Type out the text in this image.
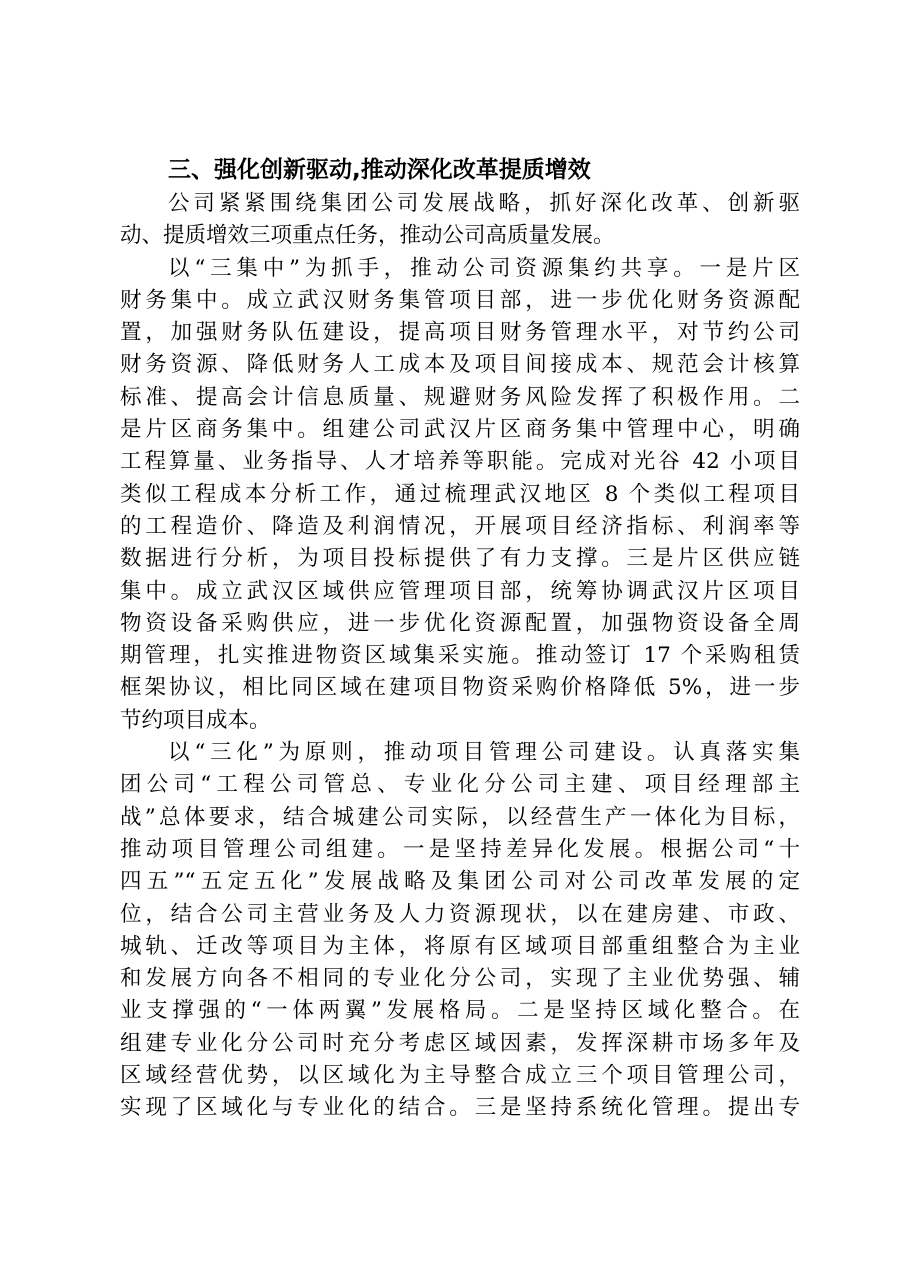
三、强化创新驱动,推动深化改革提质增效
公司紧紧围绕集团公司发展战略，抓好深化改革、创新驱
动、提质增效三项重点任务，推动公司高质量发展。
以“三集中”为抓手，推动公司资源集约共享。一是片区
财务集中。成立武汉财务集管项目部，进一步优化财务资源配
置，加强财务队伍建设，提高项目财务管理水平，对节约公司
财务资源、降低财务人工成本及项目间接成本、规范会计核算
标准、提高会计信息质量、规避财务风险发挥了积极作用。二
是片区商务集中。组建公司武汉片区商务集中管理中心，明确
工程算量、业务指导、人才培养等职能。完成对光谷 42 小项目
类似工程成本分析工作，通过梳理武汉地区 8 个类似工程项目
的工程造价、降造及利润情况，开展项目经济指标、利润率等
数据进行分析，为项目投标提供了有力支撑。三是片区供应链
集中。成立武汉区域供应管理项目部，统筹协调武汉片区项目
物资设备采购供应，进一步优化资源配置，加强物资设备全周
期管理，扎实推进物资区域集采实施。推动签订 17 个采购租赁
框架协议，相比同区域在建项目物资采购价格降低 5%，进一步
节约项目成本。
以“三化”为原则，推动项目管理公司建设。认真落实集
团公司“工程公司管总、专业化分公司主建、项目经理部主
战”总体要求，结合城建公司实际，以经营生产一体化为目标，
推动项目管理公司组建。一是坚持差异化发展。根据公司“十
四五”“五定五化”发展战略及集团公司对公司改革发展的定
位，结合公司主营业务及人力资源现状，以在建房建、市政、
城轨、迁改等项目为主体，将原有区域项目部重组整合为主业
和发展方向各不相同的专业化分公司，实现了主业优势强、辅
业支撑强的“一体两翼”发展格局。二是坚持区域化整合。在
组建专业化分公司时充分考虑区域因素，发挥深耕市场多年及
区域经营优势，以区域化为主导整合成立三个项目管理公司，
实现了区域化与专业化的结合。三是坚持系统化管理。提出专
